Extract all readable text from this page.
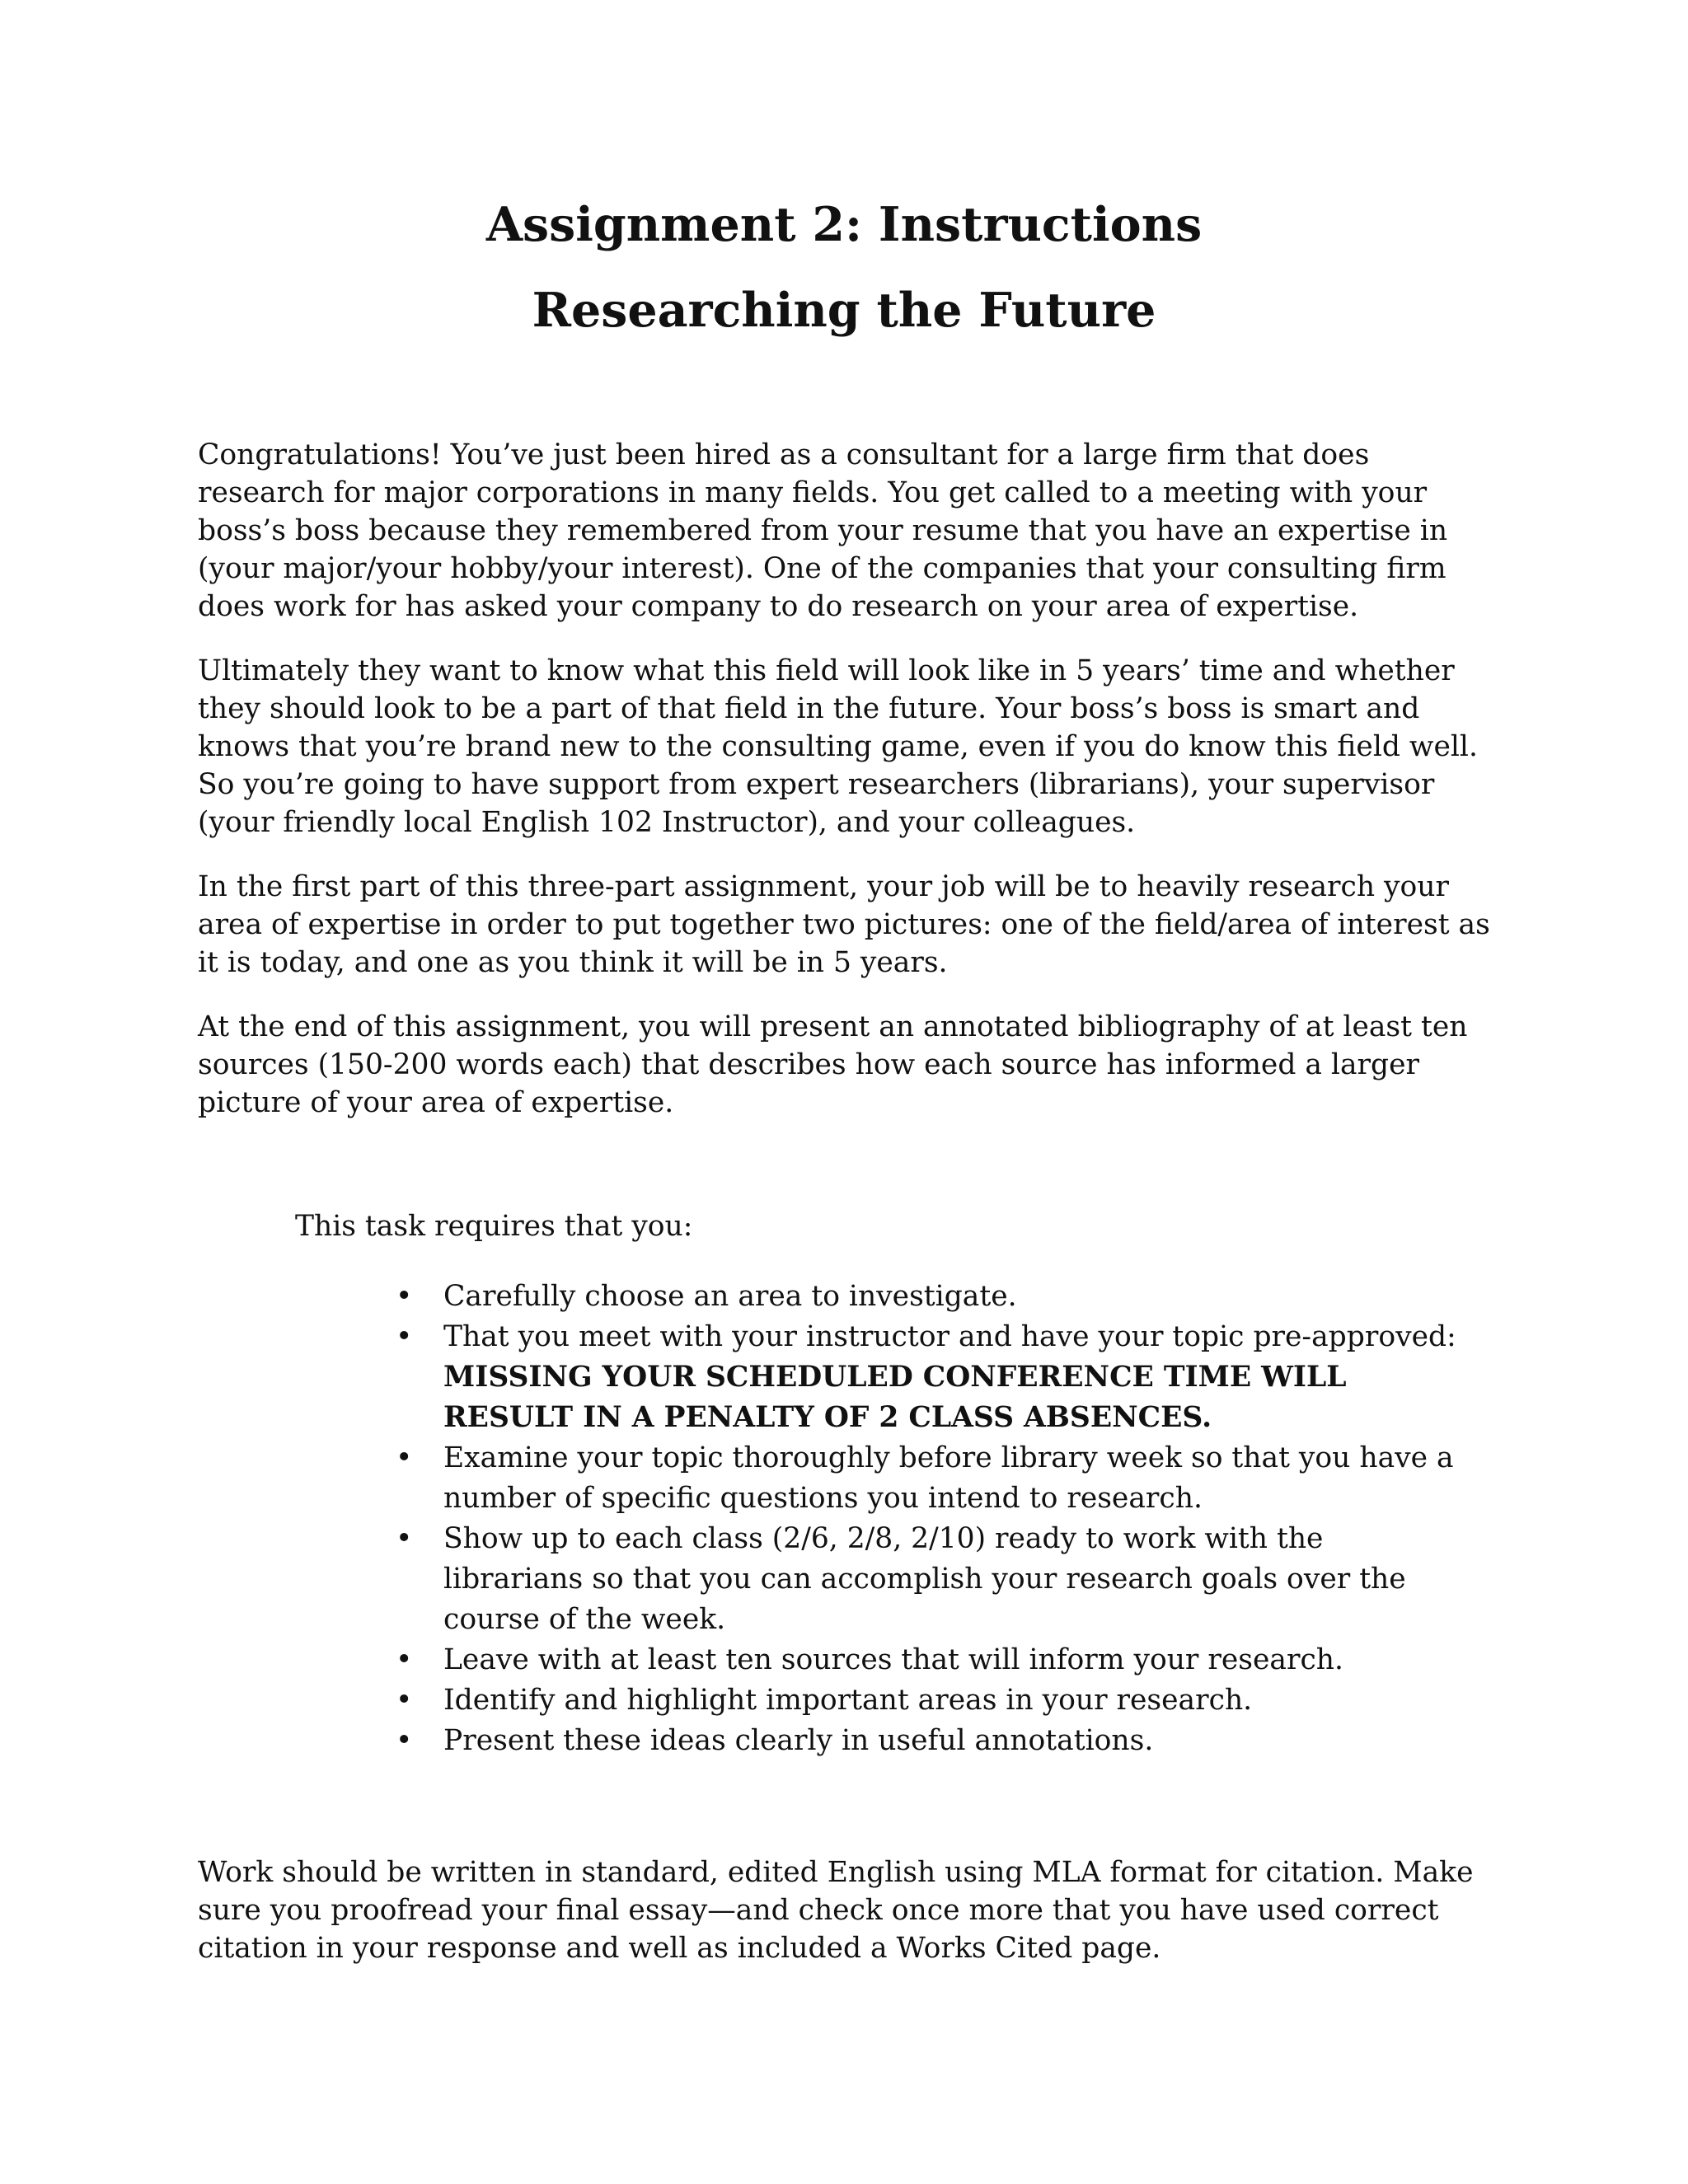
Assignment 2: Instructions
Researching the Future

Congratulations! You’ve just been hired as a consultant for a large firm that does research for major corporations in many fields. You get called to a meeting with your boss’s boss because they remembered from your resume that you have an expertise in (your major/your hobby/your interest). One of the companies that your consulting firm does work for has asked your company to do research on your area of expertise.

Ultimately they want to know what this field will look like in 5 years’ time and whether they should look to be a part of that field in the future. Your boss’s boss is smart and knows that you’re brand new to the consulting game, even if you do know this field well. So you’re going to have support from expert researchers (librarians), your supervisor (your friendly local English 102 Instructor), and your colleagues.

In the first part of this three-part assignment, your job will be to heavily research your area of expertise in order to put together two pictures: one of the field/area of interest as it is today, and one as you think it will be in 5 years.

At the end of this assignment, you will present an annotated bibliography of at least ten sources (150-200 words each) that describes how each source has informed a larger picture of your area of expertise.

This task requires that you:

•	Carefully choose an area to investigate.
•	That you meet with your instructor and have your topic pre-approved: MISSING YOUR SCHEDULED CONFERENCE TIME WILL RESULT IN A PENALTY OF 2 CLASS ABSENCES.
•	Examine your topic thoroughly before library week so that you have a number of specific questions you intend to research.
•	Show up to each class (2/6, 2/8, 2/10) ready to work with the librarians so that you can accomplish your research goals over the course of the week.
•	Leave with at least ten sources that will inform your research.
•	Identify and highlight important areas in your research.
•	Present these ideas clearly in useful annotations.

Work should be written in standard, edited English using MLA format for citation. Make sure you proofread your final essay—and check once more that you have used correct citation in your response and well as included a Works Cited page.
